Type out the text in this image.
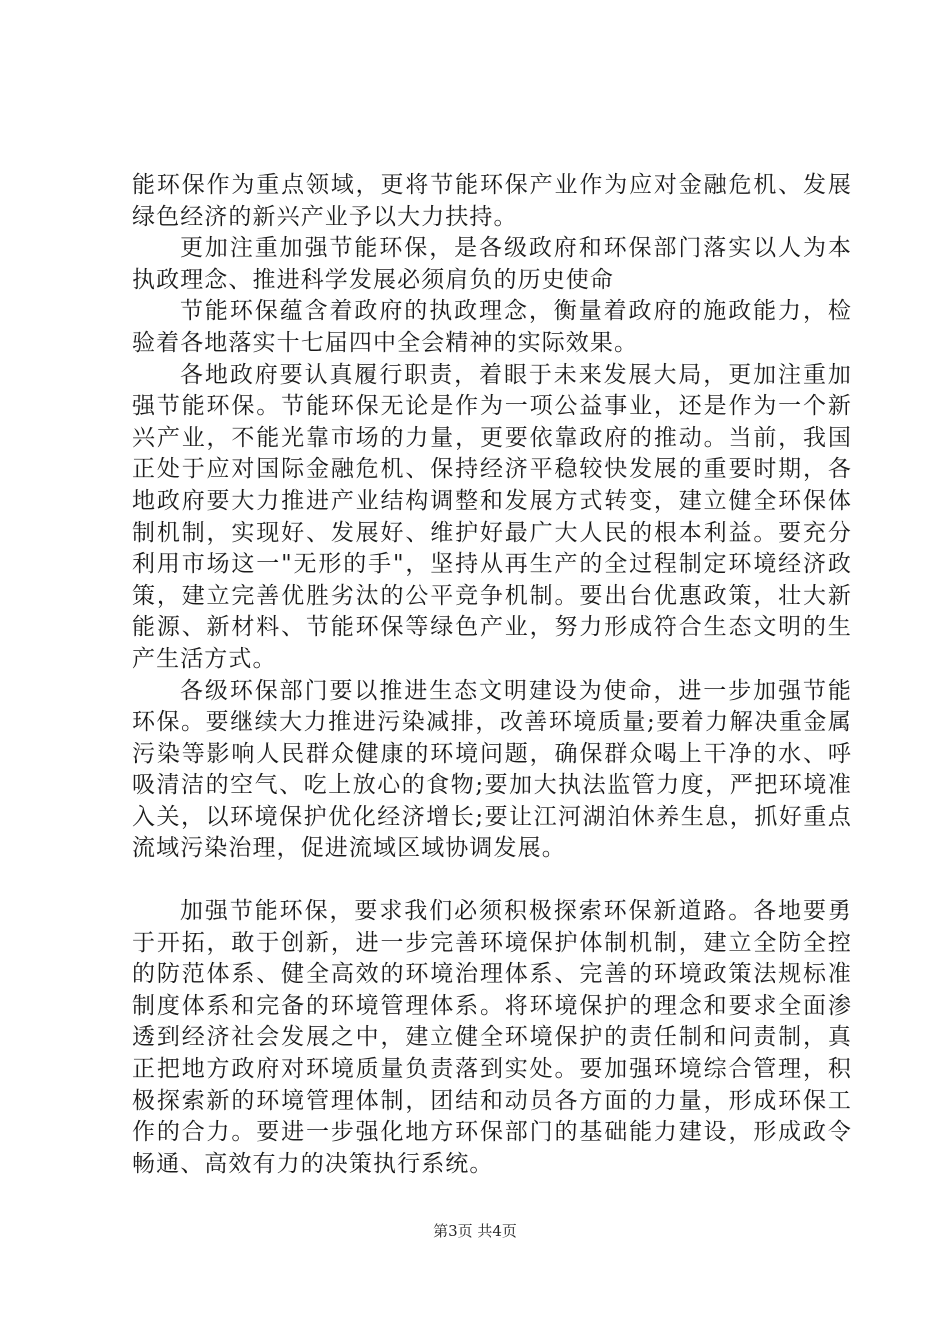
能环保作为重点领域，更将节能环保产业作为应对金融危机、发展绿色经济的新兴产业予以大力扶持。

更加注重加强节能环保，是各级政府和环保部门落实以人为本执政理念、推进科学发展必须肩负的历史使命

节能环保蕴含着政府的执政理念，衡量着政府的施政能力，检验着各地落实十七届四中全会精神的实际效果。

各地政府要认真履行职责，着眼于未来发展大局，更加注重加强节能环保。节能环保无论是作为一项公益事业，还是作为一个新兴产业，不能光靠市场的力量，更要依靠政府的推动。当前，我国正处于应对国际金融危机、保持经济平稳较快发展的重要时期，各地政府要大力推进产业结构调整和发展方式转变，建立健全环保体制机制，实现好、发展好、维护好最广大人民的根本利益。要充分利用市场这一"无形的手"，坚持从再生产的全过程制定环境经济政策，建立完善优胜劣汰的公平竞争机制。要出台优惠政策，壮大新能源、新材料、节能环保等绿色产业，努力形成符合生态文明的生产生活方式。

各级环保部门要以推进生态文明建设为使命，进一步加强节能环保。要继续大力推进污染减排，改善环境质量;要着力解决重金属污染等影响人民群众健康的环境问题，确保群众喝上干净的水、呼吸清洁的空气、吃上放心的食物;要加大执法监管力度，严把环境准入关，以环境保护优化经济增长;要让江河湖泊休养生息，抓好重点流域污染治理，促进流域区域协调发展。

加强节能环保，要求我们必须积极探索环保新道路。各地要勇于开拓，敢于创新，进一步完善环境保护体制机制，建立全防全控的防范体系、健全高效的环境治理体系、完善的环境政策法规标准制度体系和完备的环境管理体系。将环境保护的理念和要求全面渗透到经济社会发展之中，建立健全环境保护的责任制和问责制，真正把地方政府对环境质量负责落到实处。要加强环境综合管理，积极探索新的环境管理体制，团结和动员各方面的力量，形成环保工作的合力。要进一步强化地方环保部门的基础能力建设，形成政令畅通、高效有力的决策执行系统。

第3页 共4页
